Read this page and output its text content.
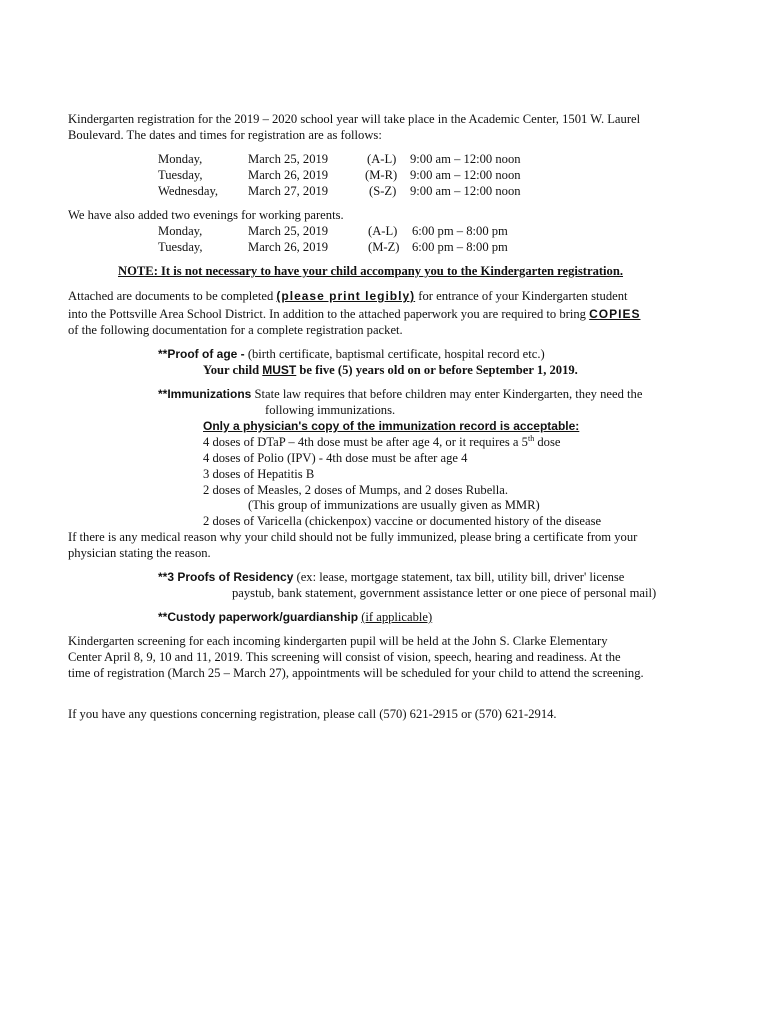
Kindergarten registration for the 2019 – 2020 school year will take place in the Academic Center, 1501 W. Laurel
Boulevard. The dates and times for registration are as follows:
Monday,	March 25, 2019	(A-L) 9:00 am – 12:00 noon
Tuesday,	March 26, 2019	(M-R) 9:00 am – 12:00 noon
Wednesday, March 27, 2019	(S-Z) 9:00 am – 12:00 noon
We have also added two evenings for working parents.
Monday,	March 25, 2019	(A-L) 6:00 pm – 8:00 pm
Tuesday,	March 26, 2019	(M-Z) 6:00 pm – 8:00 pm
NOTE: It is not necessary to have your child accompany you to the Kindergarten registration.
Attached are documents to be completed (please print legibly) for entrance of your Kindergarten student
into the Pottsville Area School District. In addition to the attached paperwork you are required to bring COPIES
of the following documentation for a complete registration packet.
**Proof of age - (birth certificate, baptismal certificate, hospital record etc.)
Your child MUST be five (5) years old on or before September 1, 2019.
**Immunizations State law requires that before children may enter Kindergarten, they need the
following immunizations.
Only a physician's copy of the immunization record is acceptable:
4 doses of DTaP – 4th dose must be after age 4, or it requires a 5th dose
4 doses of Polio (IPV) - 4th dose must be after age 4
3 doses of Hepatitis B
2 doses of Measles, 2 doses of Mumps, and 2 doses Rubella.
(This group of immunizations are usually given as MMR)
2 doses of Varicella (chickenpox) vaccine or documented history of the disease
If there is any medical reason why your child should not be fully immunized, please bring a certificate from your
physician stating the reason.
**3 Proofs of Residency (ex: lease, mortgage statement, tax bill, utility bill, driver' license
paystub, bank statement, government assistance letter or one piece of personal mail)
**Custody paperwork/guardianship (if applicable)
Kindergarten screening for each incoming kindergarten pupil will be held at the John S. Clarke Elementary
Center April 8, 9, 10 and 11, 2019. This screening will consist of vision, speech, hearing and readiness. At the
time of registration (March 25 – March 27), appointments will be scheduled for your child to attend the screening.
If you have any questions concerning registration, please call (570) 621-2915 or (570) 621-2914.
